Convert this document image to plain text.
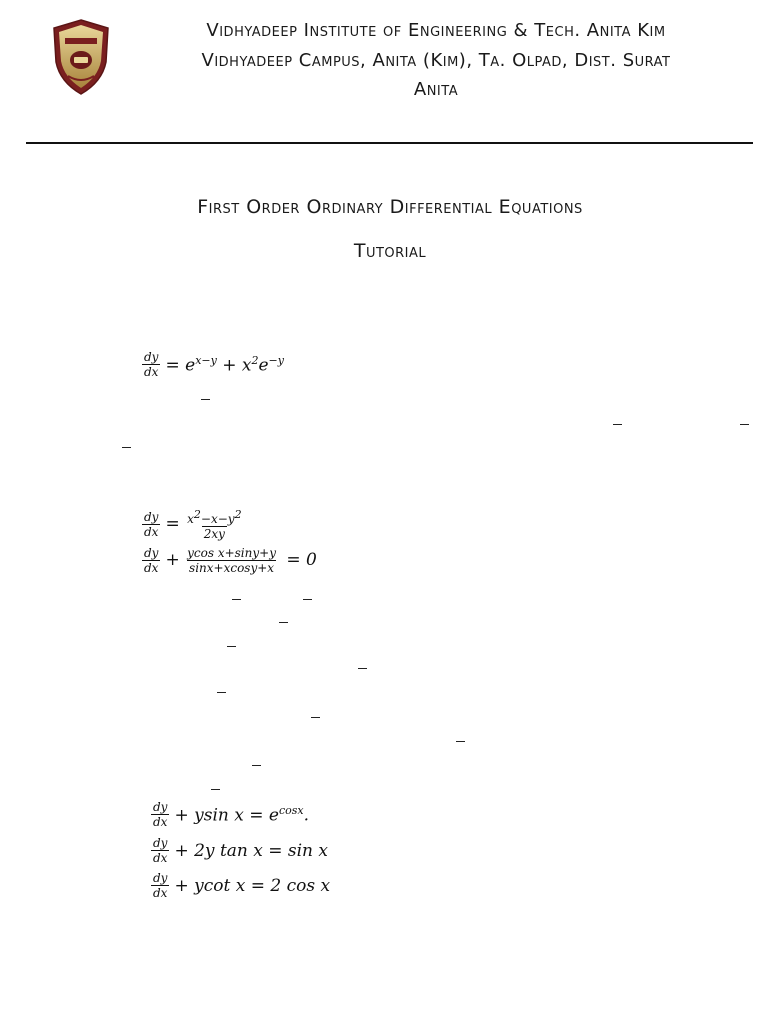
Vidhyadeep Institute of Engineering & Tech. Anita Kim
Vidhyadeep Campus, Anita (Kim), Ta. Olpad, Dist. Surat
Anita
First Order Ordinary Differential Equations
Tutorial
$\frac{dy}{dx} = e^{x-y} + x^2e^{-y}$
$\frac{dy}{dx} = \frac{x^2-x-y^2}{2xy}$
$\frac{dy}{dx} + \frac{\text{ycos x+siny+y}}{\sin x+xcosy+x} = 0$
$\frac{dy}{dx} + ysin$ $x = e^{cosx}$.
$\frac{dy}{dx} + 2y$ tan x = sin x
$\frac{dy}{dx} + ycot$ x = 2 cos x
